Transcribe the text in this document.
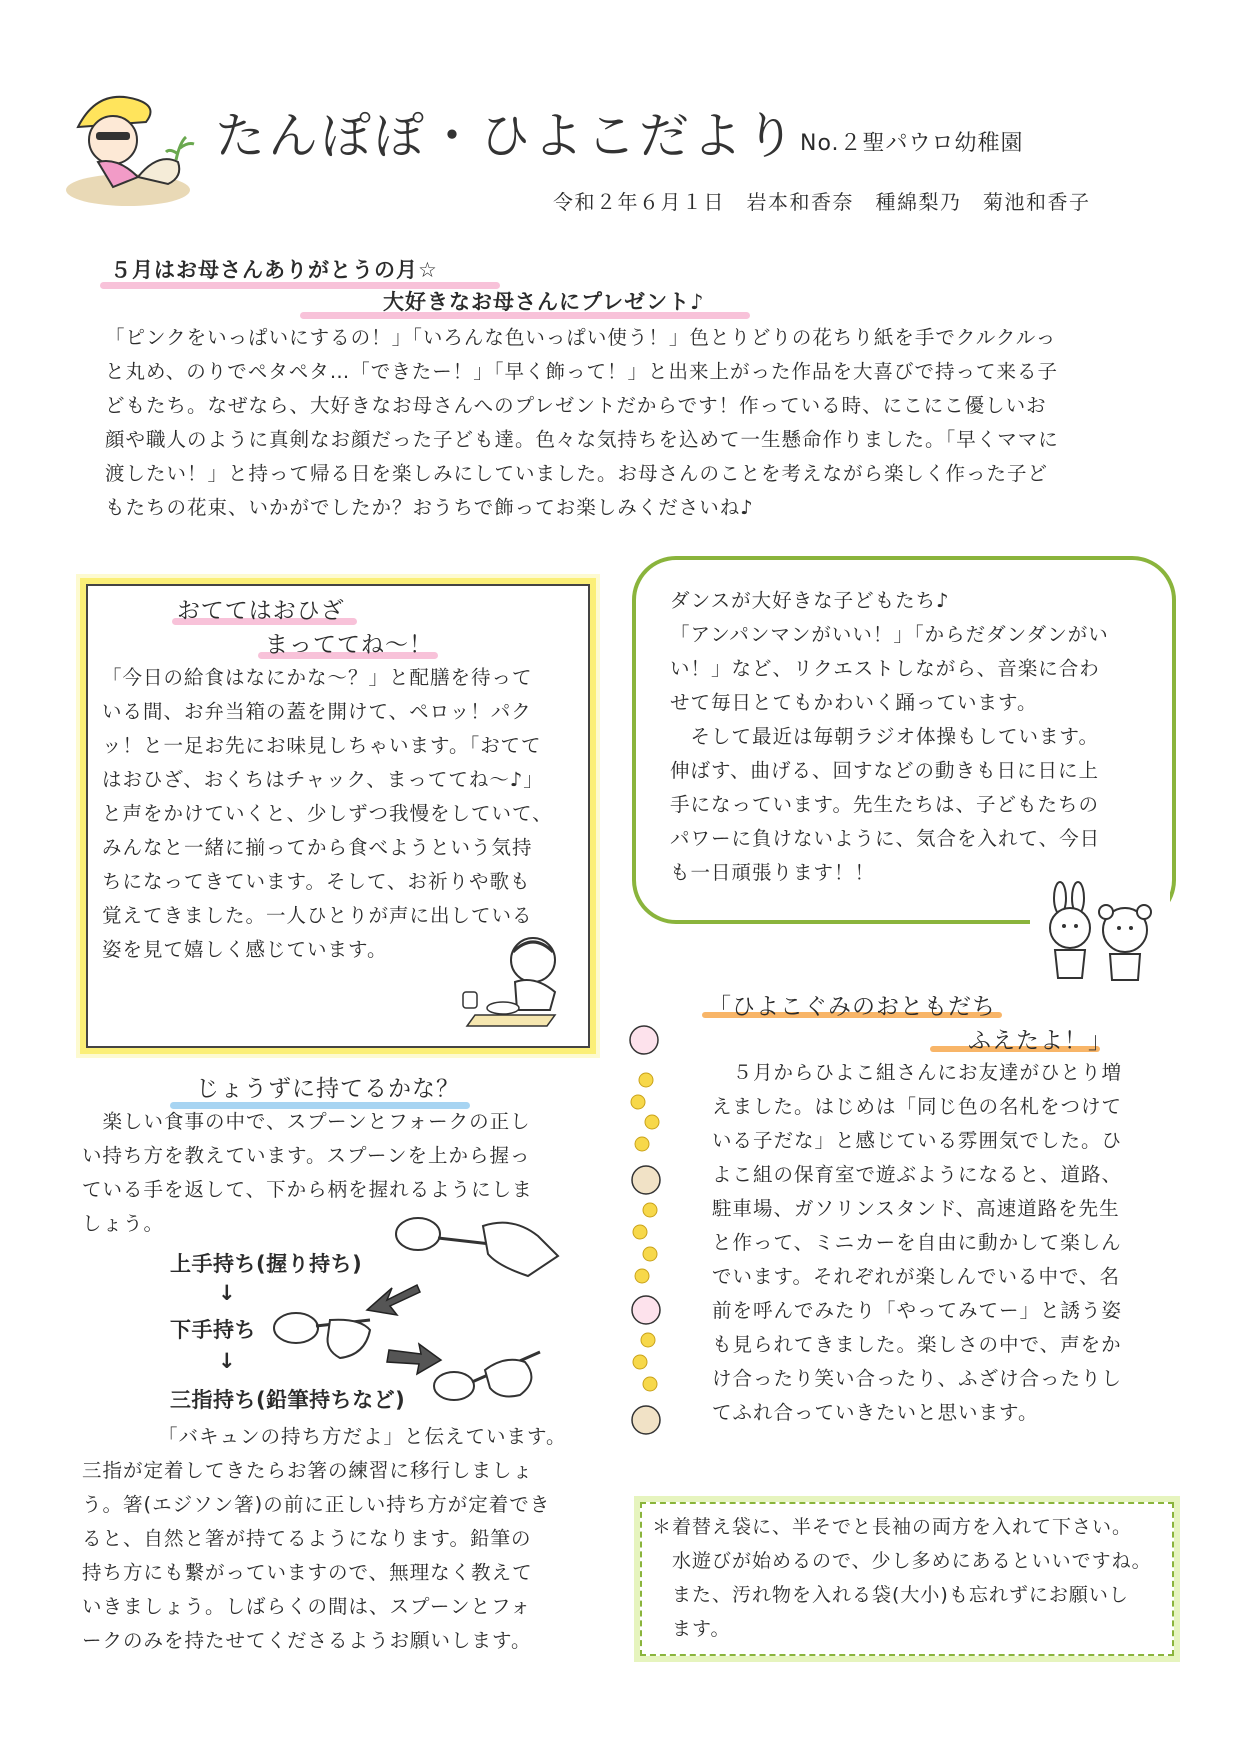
たんぽぽ・ひよこだより No.２聖パウロ幼稚園
令和２年６月１日　岩本和香奈　種綿梨乃　菊池和香子
５月はお母さんありがとうの月☆
大好きなお母さんにプレゼント♪
「ピンクをいっぱいにするの！」「いろんな色いっぱい使う！」色とりどりの花ちり紙を手でクルクルっ
と丸め、のりでペタペタ…「できたー！」「早く飾って！」と出来上がった作品を大喜びで持って来る子
どもたち。なぜなら、大好きなお母さんへのプレゼントだからです！作っている時、にこにこ優しいお
顔や職人のように真剣なお顔だった子ども達。色々な気持ちを込めて一生懸命作りました。「早くママに
渡したい！」と持って帰る日を楽しみにしていました。お母さんのことを考えながら楽しく作った子ど
もたちの花束、いかがでしたか？おうちで飾ってお楽しみくださいね♪
おててはおひざ
まっててね～！
「今日の給食はなにかな～？」と配膳を待って
いる間、お弁当箱の蓋を開けて、ペロッ！パク
ッ！と一足お先にお味見しちゃいます。「おてて
はおひざ、おくちはチャック、まっててね～♪」
と声をかけていくと、少しずつ我慢をしていて、
みんなと一緒に揃ってから食べようという気持
ちになってきています。そして、お祈りや歌も
覚えてきました。一人ひとりが声に出している
姿を見て嬉しく感じています。
ダンスが大好きな子どもたち♪
「アンパンマンがいい！」「からだダンダンがい
い！」など、リクエストしながら、音楽に合わ
せて毎日とてもかわいく踊っています。
　そして最近は毎朝ラジオ体操もしています。
伸ばす、曲げる、回すなどの動きも日に日に上
手になっています。先生たちは、子どもたちの
パワーに負けないように、気合を入れて、今日
も一日頑張ります！！
じょうずに持てるかな？
　楽しい食事の中で、スプーンとフォークの正し
い持ち方を教えています。スプーンを上から握っ
ている手を返して、下から柄を握れるようにしま
しょう。
上手持ち(握り持ち)
↓
下手持ち
↓
三指持ち(鉛筆持ちなど)
「バキュンの持ち方だよ」と伝えています。
三指が定着してきたらお箸の練習に移行しましょ
う。箸(エジソン箸)の前に正しい持ち方が定着でき
ると、自然と箸が持てるようになります。鉛筆の
持ち方にも繋がっていますので、無理なく教えて
いきましょう。しばらくの間は、スプーンとフォ
ークのみを持たせてくださるようお願いします。
「ひよこぐみのおともだち
ふえたよ！」
　５月からひよこ組さんにお友達がひとり増
えました。はじめは「同じ色の名札をつけて
いる子だな」と感じている雰囲気でした。ひ
よこ組の保育室で遊ぶようになると、道路、
駐車場、ガソリンスタンド、高速道路を先生
と作って、ミニカーを自由に動かして楽しん
でいます。それぞれが楽しんでいる中で、名
前を呼んでみたり「やってみてー」と誘う姿
も見られてきました。楽しさの中で、声をか
け合ったり笑い合ったり、ふざけ合ったりし
てふれ合っていきたいと思います。
＊着替え袋に、半そでと長袖の両方を入れて下さい。
　水遊びが始めるので、少し多めにあるといいですね。
　また、汚れ物を入れる袋(大小)も忘れずにお願いし
　ます。
